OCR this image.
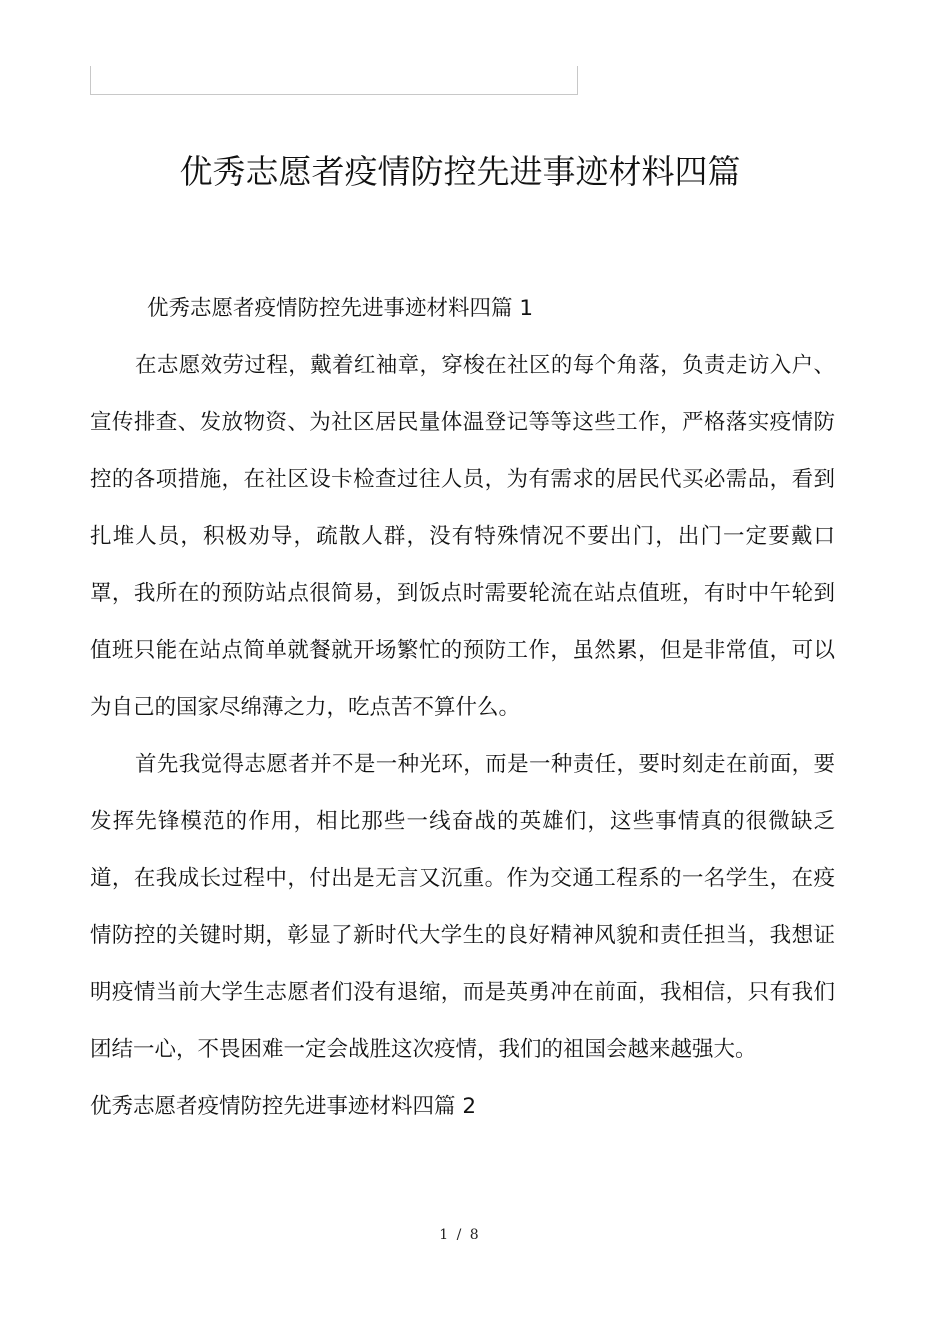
优秀志愿者疫情防控先进事迹材料四篇

优秀志愿者疫情防控先进事迹材料四篇 1

在志愿效劳过程，戴着红袖章，穿梭在社区的每个角落，负责走访入户、宣传排查、发放物资、为社区居民量体温登记等等这些工作，严格落实疫情防控的各项措施，在社区设卡检查过往人员，为有需求的居民代买必需品，看到扎堆人员，积极劝导，疏散人群，没有特殊情况不要出门，出门一定要戴口罩，我所在的预防站点很简易，到饭点时需要轮流在站点值班，有时中午轮到值班只能在站点简单就餐就开场繁忙的预防工作，虽然累，但是非常值，可以为自己的国家尽绵薄之力，吃点苦不算什么。

首先我觉得志愿者并不是一种光环，而是一种责任，要时刻走在前面，要发挥先锋模范的作用，相比那些一线奋战的英雄们，这些事情真的很微缺乏道，在我成长过程中，付出是无言又沉重。作为交通工程系的一名学生，在疫情防控的关键时期，彰显了新时代大学生的良好精神风貌和责任担当，我想证明疫情当前大学生志愿者们没有退缩，而是英勇冲在前面，我相信，只有我们团结一心，不畏困难一定会战胜这次疫情，我们的祖国会越来越强大。

优秀志愿者疫情防控先进事迹材料四篇 2

1 / 8
